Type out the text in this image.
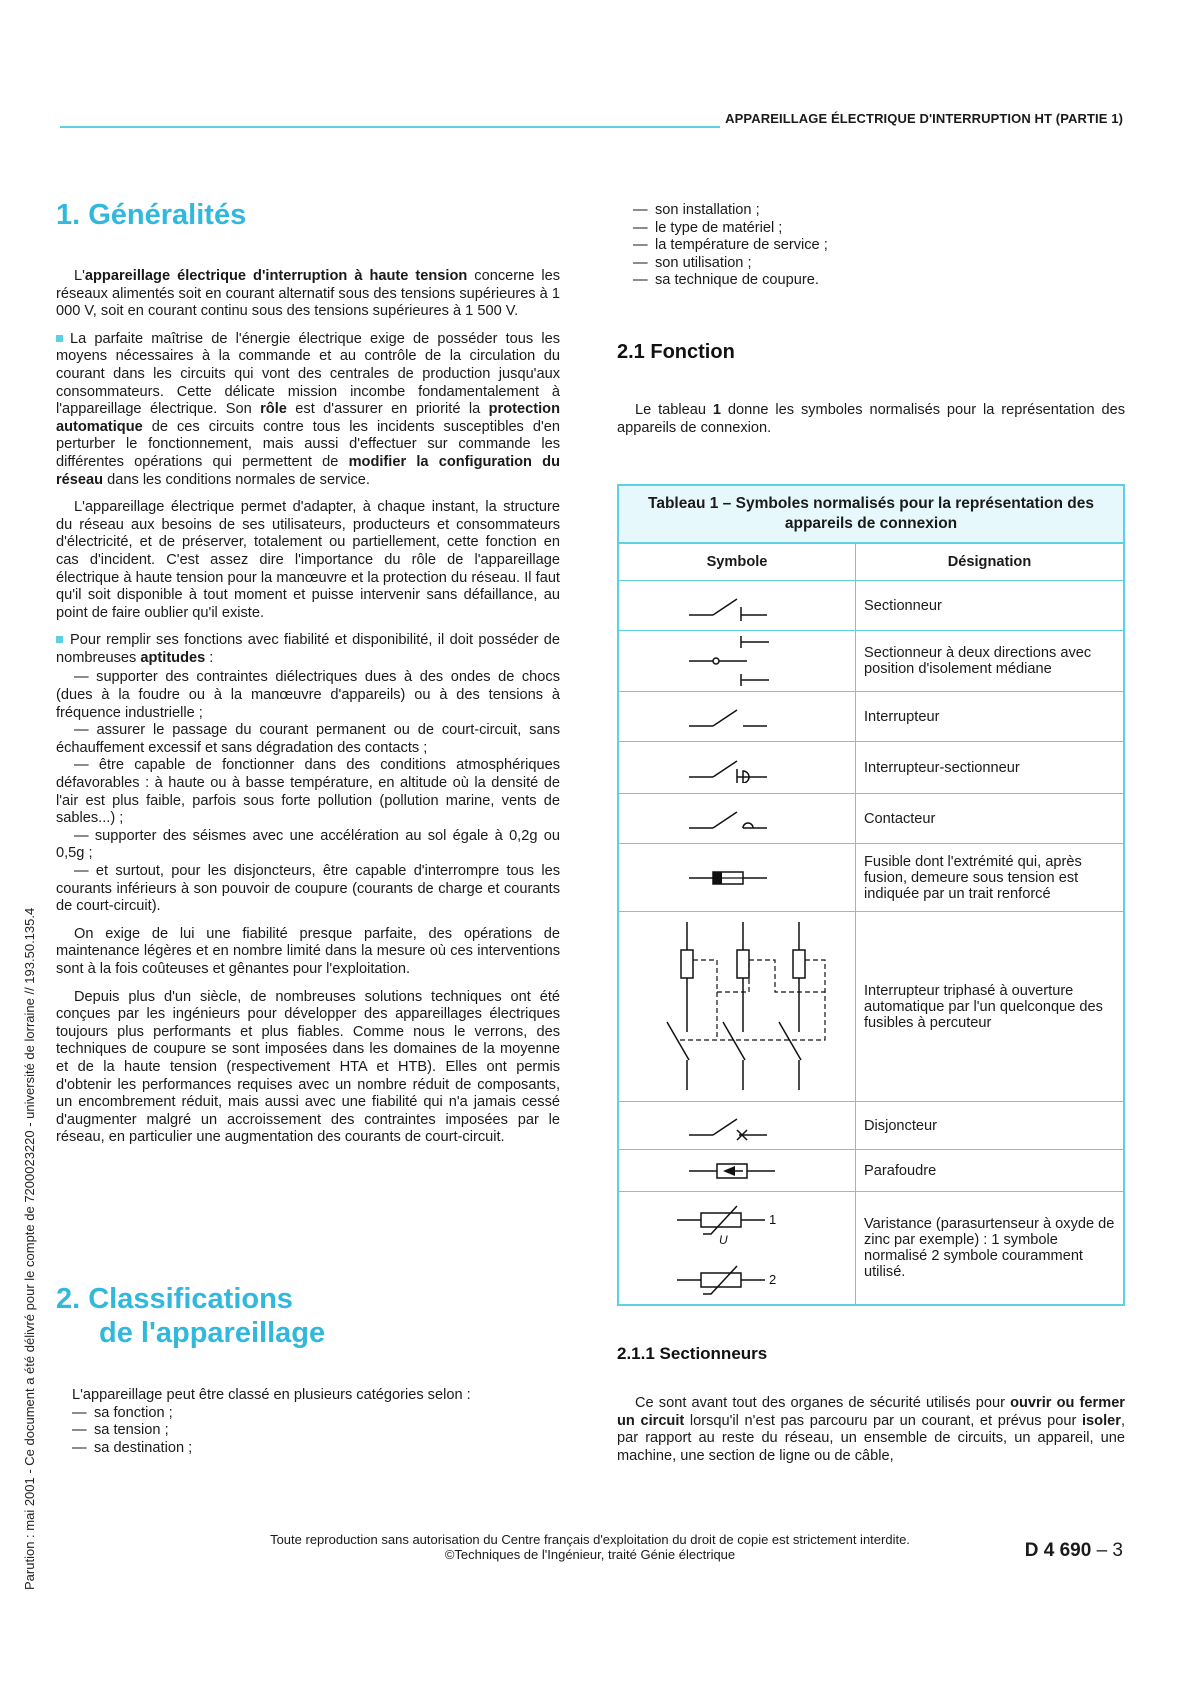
APPAREILLAGE ÉLECTRIQUE D'INTERRUPTION HT (PARTIE 1)
Parution : mai 2001 - Ce document a été délivré pour le compte de 7200023220 - université de lorraine // 193.50.135.4
1. Généralités

L'appareillage électrique d'interruption à haute tension concerne les réseaux alimentés soit en courant alternatif sous des tensions supérieures à 1 000 V, soit en courant continu sous des tensions supérieures à 1 500 V.

La parfaite maîtrise de l'énergie électrique exige de posséder tous les moyens nécessaires à la commande et au contrôle de la circulation du courant dans les circuits qui vont des centrales de production jusqu'aux consommateurs. Cette délicate mission incombe fondamentalement à l'appareillage électrique. Son rôle est d'assurer en priorité la protection automatique de ces circuits contre tous les incidents susceptibles d'en perturber le fonctionnement, mais aussi d'effectuer sur commande les différentes opérations qui permettent de modifier la configuration du réseau dans les conditions normales de service.

L'appareillage électrique permet d'adapter, à chaque instant, la structure du réseau aux besoins de ses utilisateurs, producteurs et consommateurs d'électricité, et de préserver, totalement ou partiellement, cette fonction en cas d'incident. C'est assez dire l'importance du rôle de l'appareillage électrique à haute tension pour la manœuvre et la protection du réseau. Il faut qu'il soit disponible à tout moment et puisse intervenir sans défaillance, au point de faire oublier qu'il existe.

Pour remplir ses fonctions avec fiabilité et disponibilité, il doit posséder de nombreuses aptitudes :

— supporter des contraintes diélectriques dues à des ondes de chocs (dues à la foudre ou à la manœuvre d'appareils) ou à des tensions à fréquence industrielle ;
— assurer le passage du courant permanent ou de court-circuit, sans échauffement excessif et sans dégradation des contacts ;
— être capable de fonctionner dans des conditions atmosphériques défavorables : à haute ou à basse température, en altitude où la densité de l'air est plus faible, parfois sous forte pollution (pollution marine, vents de sables...) ;
— supporter des séismes avec une accélération au sol égale à 0,2g ou 0,5g ;
— et surtout, pour les disjoncteurs, être capable d'interrompre tous les courants inférieurs à son pouvoir de coupure (courants de charge et courants de court-circuit).

On exige de lui une fiabilité presque parfaite, des opérations de maintenance légères et en nombre limité dans la mesure où ces interventions sont à la fois coûteuses et gênantes pour l'exploitation.

Depuis plus d'un siècle, de nombreuses solutions techniques ont été conçues par les ingénieurs pour développer des appareillages électriques toujours plus performants et plus fiables. Comme nous le verrons, des techniques de coupure se sont imposées dans les domaines de la moyenne et de la haute tension (respectivement HTA et HTB). Elles ont permis d'obtenir les performances requises avec un nombre réduit de composants, un encombrement réduit, mais aussi avec une fiabilité qui n'a jamais cessé d'augmenter malgré un accroissement des contraintes imposées par le réseau, en particulier une augmentation des courants de court-circuit.

2. Classifications
de l'appareillage
L'appareillage peut être classé en plusieurs catégories selon :
— sa fonction ;
— sa tension ;
— sa destination ;
— son installation ;
— le type de matériel ;
— la température de service ;
— son utilisation ;
— sa technique de coupure.
2.1 Fonction

Le tableau 1 donne les symboles normalisés pour la représentation des appareils de connexion.

Tableau 1 – Symboles normalisés pour la représentation des appareils de connexion
Symbole	Désignation

	Sectionneur

	Sectionneur à deux directions avec position d'isolement médiane

	Interrupteur

	Interrupteur-sectionneur

	Contacteur

	Fusible dont l'extrémité qui, après fusion, demeure sous tension est indiquée par un trait renforcé

	Interrupteur triphasé à ouverture automatique par l'un quelconque des fusibles à percuteur

	Disjoncteur

	Parafoudre

1
2
U	Varistance (parasurtenseur à oxyde de zinc par exemple) : 1 symbole normalisé 2 symbole couramment utilisé.
2.1.1 Sectionneurs

Ce sont avant tout des organes de sécurité utilisés pour ouvrir ou fermer un circuit lorsqu'il n'est pas parcouru par un courant, et prévus pour isoler, par rapport au reste du réseau, un ensemble de circuits, un appareil, une machine, une section de ligne ou de câble,

Toute reproduction sans autorisation du Centre français d'exploitation du droit de copie est strictement interdite.
©Techniques de l'Ingénieur, traité Génie électrique	D 4 690 – 3
